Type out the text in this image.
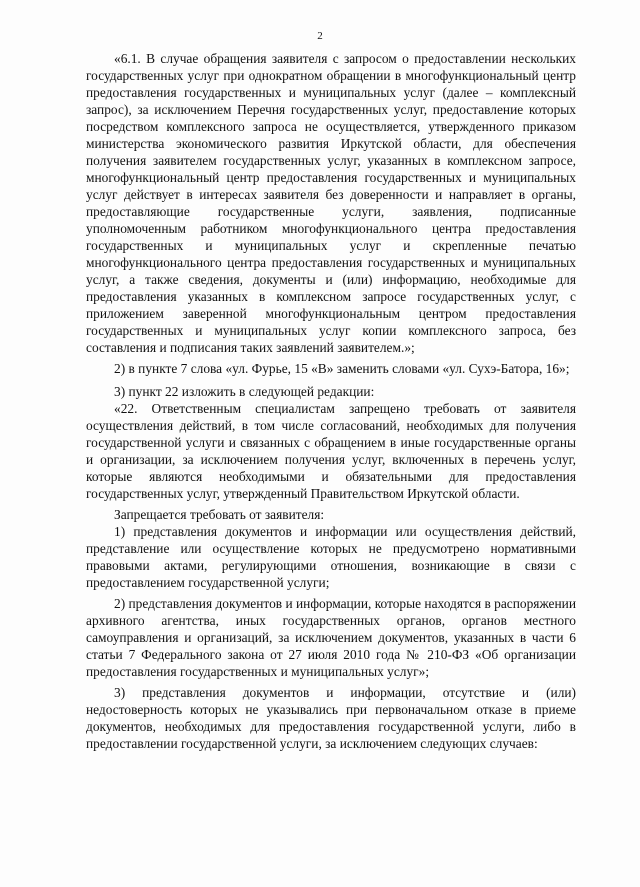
2

«6.1. В случае обращения заявителя с запросом о предоставлении нескольких государственных услуг при однократном обращении в многофункциональный центр предоставления государственных и муниципальных услуг (далее – комплексный запрос), за исключением Перечня государственных услуг, предоставление которых посредством комплексного запроса не осуществляется, утвержденного приказом министерства экономического развития Иркутской области, для обеспечения получения заявителем государственных услуг, указанных в комплексном запросе, многофункциональный центр предоставления государственных и муниципальных услуг действует в интересах заявителя без доверенности и направляет в органы, предоставляющие государственные услуги, заявления, подписанные уполномоченным работником многофункционального центра предоставления государственных и муниципальных услуг и скрепленные печатью многофункционального центра предоставления государственных и муниципальных услуг, а также сведения, документы и (или) информацию, необходимые для предоставления указанных в комплексном запросе государственных услуг, с приложением заверенной многофункциональным центром предоставления государственных и муниципальных услуг копии комплексного запроса, без составления и подписания таких заявлений заявителем.»;

2) в пункте 7 слова «ул. Фурье, 15 «В» заменить словами «ул. Сухэ-Батора, 16»;

3) пункт 22 изложить в следующей редакции:

«22. Ответственным специалистам запрещено требовать от заявителя осуществления действий, в том числе согласований, необходимых для получения государственной услуги и связанных с обращением в иные государственные органы и организации, за исключением получения услуг, включенных в перечень услуг, которые являются необходимыми и обязательными для предоставления государственных услуг, утвержденный Правительством Иркутской области.

Запрещается требовать от заявителя:

1) представления документов и информации или осуществления действий, представление или осуществление которых не предусмотрено нормативными правовыми актами, регулирующими отношения, возникающие в связи с предоставлением государственной услуги;

2) представления документов и информации, которые находятся в распоряжении архивного агентства, иных государственных органов, органов местного самоуправления и организаций, за исключением документов, указанных в части 6 статьи 7 Федерального закона от 27 июля 2010 года № 210-ФЗ «Об организации предоставления государственных и муниципальных услуг»;

3) представления документов и информации, отсутствие и (или) недостоверность которых не указывались при первоначальном отказе в приеме документов, необходимых для предоставления государственной услуги, либо в предоставлении государственной услуги, за исключением следующих случаев:
